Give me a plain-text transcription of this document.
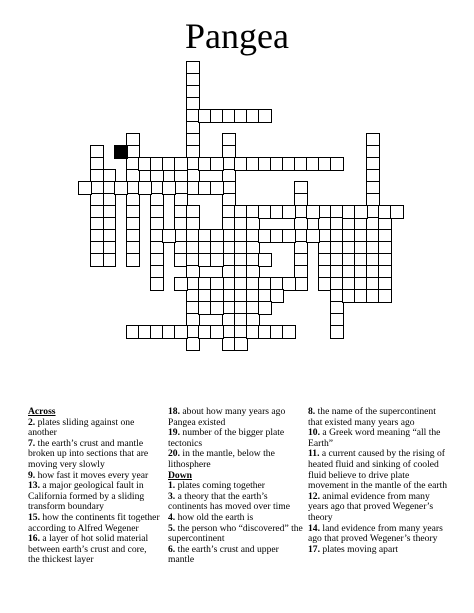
Pangea
Across
2. plates sliding against one another
7. the earth’s crust and mantle broken up into sections that are moving very slowly
9. how fast it moves every year
13. a major geological fault in California formed by a sliding transform boundary
15. how the continents fit together according to Alfred Wegener
16. a layer of hot solid material between earth’s crust and core, the thickest layer
18. about how many years ago Pangea existed
19. number of the bigger plate tectonics
20. in the mantle, below the lithosphere
Down
1. plates coming together
3. a theory that the earth’s continents has moved over time
4. how old the earth is
5. the person who “discovered” the supercontinent
6. the earth’s crust and upper mantle
8. the name of the supercontinent that existed many years ago
10. a Greek word meaning “all the Earth”
11. a current caused by the rising of heated fluid and sinking of cooled fluid believe to drive plate movement in the mantle of the earth
12. animal evidence from many years ago that proved Wegener’s theory
14. land evidence from many years ago that proved Wegener’s theory
17. plates moving apart
